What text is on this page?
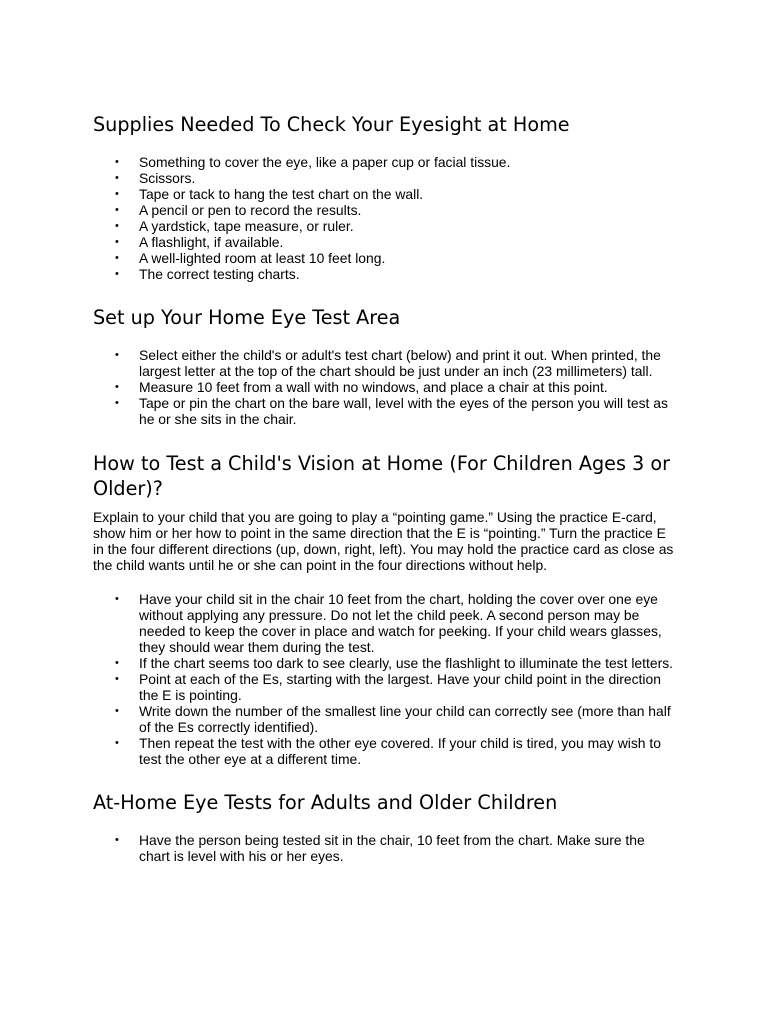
Supplies Needed To Check Your Eyesight at Home
• Something to cover the eye, like a paper cup or facial tissue.
• Scissors.
• Tape or tack to hang the test chart on the wall.
• A pencil or pen to record the results.
• A yardstick, tape measure, or ruler.
• A flashlight, if available.
• A well-lighted room at least 10 feet long.
• The correct testing charts.
Set up Your Home Eye Test Area
• Select either the child's or adult's test chart (below) and print it out. When printed, the largest letter at the top of the chart should be just under an inch (23 millimeters) tall.
• Measure 10 feet from a wall with no windows, and place a chair at this point.
• Tape or pin the chart on the bare wall, level with the eyes of the person you will test as he or she sits in the chair.
How to Test a Child's Vision at Home (For Children Ages 3 or Older)?

Explain to your child that you are going to play a “pointing game.” Using the practice E-card, show him or her how to point in the same direction that the E is “pointing.” Turn the practice E in the four different directions (up, down, right, left). You may hold the practice card as close as the child wants until he or she can point in the four directions without help.

• Have your child sit in the chair 10 feet from the chart, holding the cover over one eye without applying any pressure. Do not let the child peek. A second person may be needed to keep the cover in place and watch for peeking. If your child wears glasses, they should wear them during the test.
• If the chart seems too dark to see clearly, use the flashlight to illuminate the test letters.
• Point at each of the Es, starting with the largest. Have your child point in the direction the E is pointing.
• Write down the number of the smallest line your child can correctly see (more than half of the Es correctly identified).
• Then repeat the test with the other eye covered. If your child is tired, you may wish to test the other eye at a different time.
At-Home Eye Tests for Adults and Older Children
• Have the person being tested sit in the chair, 10 feet from the chart. Make sure the chart is level with his or her eyes.
